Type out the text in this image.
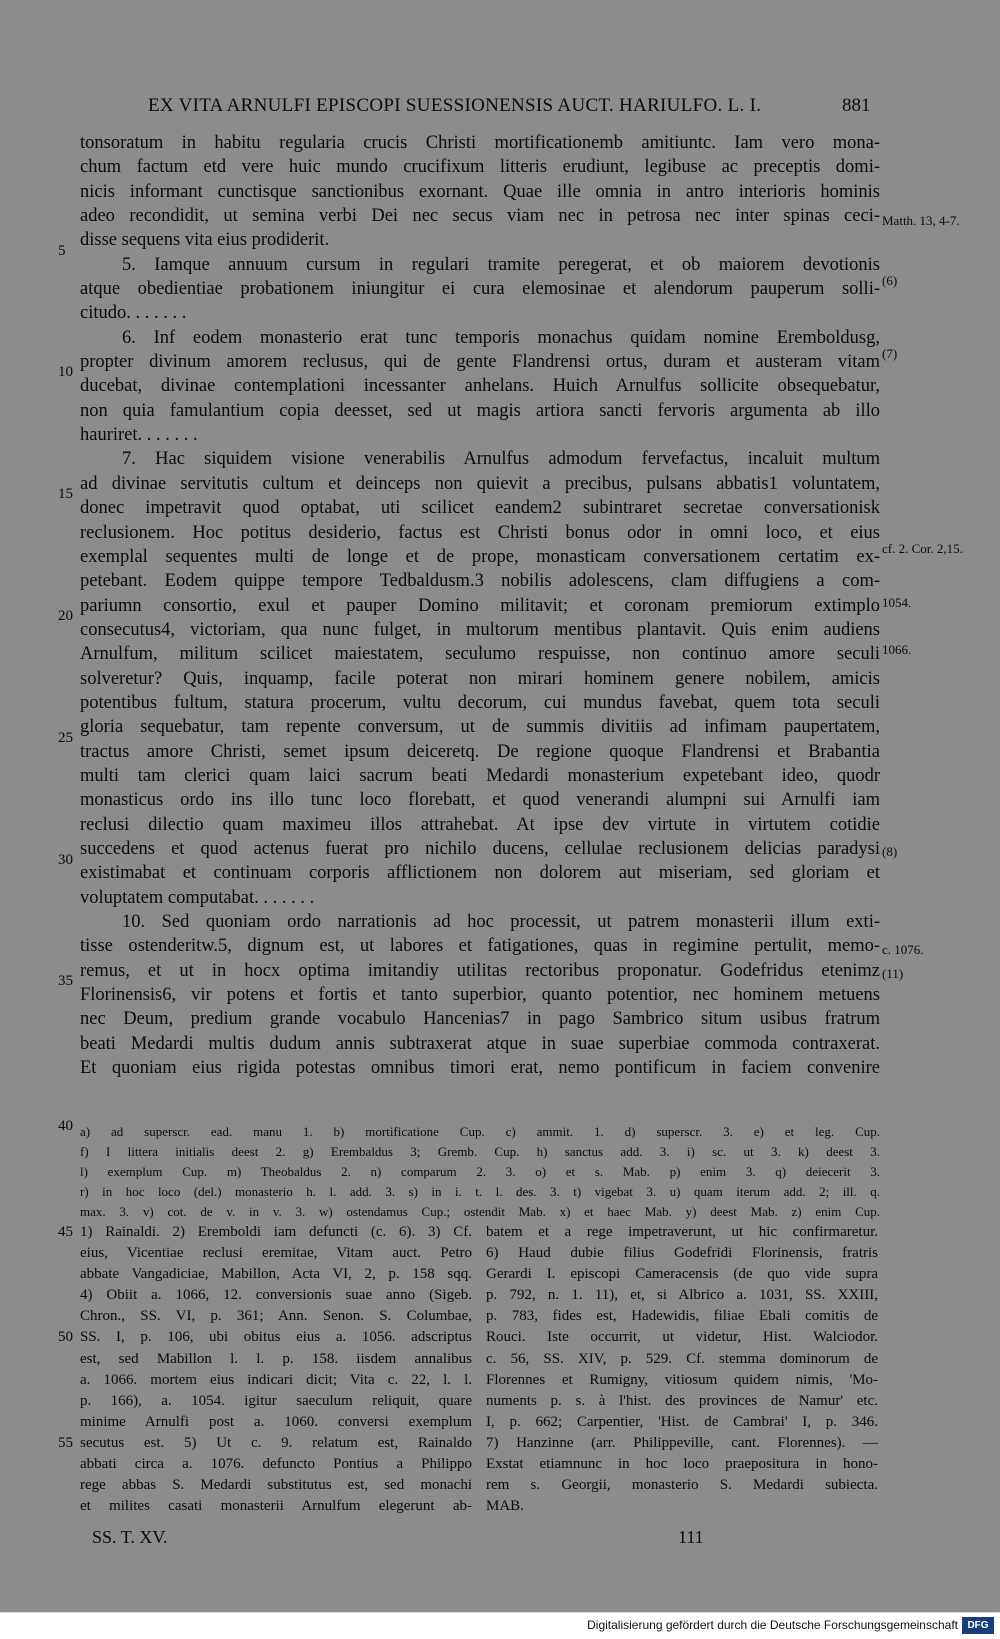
EX VITA ARNULFI EPISCOPI SUESSIONENSIS AUCT. HARIULFO. L. I.	881
tonsoratum in habitu regularia crucis Christi mortificationemb amitiuntc. Iam vero mona-
chum factum etd vere huic mundo crucifixum litteris erudiunt, legibuse ac preceptis domi-
nicis informant cunctisque sanctionibus exornant. Quae ille omnia in antro interioris hominis
adeo recondidit, ut semina verbi Dei nec secus viam nec in petrosa nec inter spinas ceci-
disse sequens vita eius prodiderit.
5. Iamque annuum cursum in regulari tramite peregerat, et ob maiorem devotionis
atque obedientiae probationem iniungitur ei cura elemosinae et alendorum pauperum solli-
citudo. . . . . . .
6. Inf eodem monasterio erat tunc temporis monachus quidam nomine Eremboldusg,
propter divinum amorem reclusus, qui de gente Flandrensi ortus, duram et austeram vitam
ducebat, divinae contemplationi incessanter anhelans. Huich Arnulfus sollicite obsequebatur,
non quia famulantium copia deesset, sed ut magis artiora sancti fervoris argumenta ab illo
hauriret. . . . . . .
7. Hac siquidem visione venerabilis Arnulfus admodum fervefactus, incaluit multum
ad divinae servitutis cultum et deinceps non quievit a precibus, pulsans abbatis1 voluntatem,
donec impetravit quod optabat, uti scilicet eandem2 subintraret secretae conversationisk
reclusionem. Hoc potitus desiderio, factus est Christi bonus odor in omni loco, et eius
exemplal sequentes multi de longe et de prope, monasticam conversationem certatim ex-
petebant. Eodem quippe tempore Tedbaldusm.3 nobilis adolescens, clam diffugiens a com-
pariumn consortio, exul et pauper Domino militavit; et coronam premiorum extimplo
consecutus4, victoriam, qua nunc fulget, in multorum mentibus plantavit. Quis enim audiens
Arnulfum, militum scilicet maiestatem, seculumo respuisse, non continuo amore seculi
solveretur? Quis, inquamp, facile poterat non mirari hominem genere nobilem, amicis
potentibus fultum, statura procerum, vultu decorum, cui mundus favebat, quem tota seculi
gloria sequebatur, tam repente conversum, ut de summis divitiis ad infimam paupertatem,
tractus amore Christi, semet ipsum deiceretq. De regione quoque Flandrensi et Brabantia
multi tam clerici quam laici sacrum beati Medardi monasterium expetebant ideo, quodr
monasticus ordo ins illo tunc loco florebatt, et quod venerandi alumpni sui Arnulfi iam
reclusi dilectio quam maximeu illos attrahebat. At ipse dev virtute in virtutem cotidie
succedens et quod actenus fuerat pro nichilo ducens, cellulae reclusionem delicias paradysi
existimabat et continuam corporis afflictionem non dolorem aut miseriam, sed gloriam et
voluptatem computabat. . . . . . .
10. Sed quoniam ordo narrationis ad hoc processit, ut patrem monasterii illum exti-
tisse ostenderitw.5, dignum est, ut labores et fatigationes, quas in regimine pertulit, memo-
remus, et ut in hocx optima imitandiy utilitas rectoribus proponatur. Godefridus etenimz
Florinensis6, vir potens et fortis et tanto superbior, quanto potentior, nec hominem metuens
nec Deum, predium grande vocabulo Hancenias7 in pago Sambrico situm usibus fratrum
beati Medardi multis dudum annis subtraxerat atque in suae superbiae commoda contraxerat.
Et quoniam eius rigida potestas omnibus timori erat, nemo pontificum in faciem convenire
5
10
15
20
25
30
35
40
45
50
55
Matth. 13, 4-7.
(6)
(7)
cf. 2. Cor. 2,15.
1054.
1066.
(8)
c. 1076.
(11)
a) ad superscr. ead. manu 1. b) mortificatione Cup. c) ammit. 1. d) superscr. 3. e) et leg. Cup.
f) I littera initialis deest 2. g) Erembaldus 3; Gremb. Cup. h) sanctus add. 3. i) sc. ut 3. k) deest 3.
l) exemplum Cup. m) Theobaldus 2. n) comparum 2. 3. o) et s. Mab. p) enim 3. q) deiecerit 3.
r) in hoc loco (del.) monasterio h. l. add. 3. s) in i. t. l. des. 3. t) vigebat 3. u) quam iterum add. 2; ill. q.
max. 3. v) cot. de v. in v. 3. w) ostendamus Cup.; ostendit Mab. x) et haec Mab. y) deest Mab. z) enim Cup.
1) Rainaldi. 2) Eremboldi iam defuncti (c. 6). 3) Cf.
eius, Vicentiae reclusi eremitae, Vitam auct. Petro
abbate Vangadiciae, Mabillon, Acta VI, 2, p. 158 sqq.
4) Obiit a. 1066, 12. conversionis suae anno (Sigeb.
Chron., SS. VI, p. 361; Ann. Senon. S. Columbae,
SS. I, p. 106, ubi obitus eius a. 1056. adscriptus
est, sed Mabillon l. l. p. 158. iisdem annalibus
a. 1066. mortem eius indicari dicit; Vita c. 22, l. l.
p. 166), a. 1054. igitur saeculum reliquit, quare
minime Arnulfi post a. 1060. conversi exemplum
secutus est. 5) Ut c. 9. relatum est, Rainaldo
abbati circa a. 1076. defuncto Pontius a Philippo
rege abbas S. Medardi substitutus est, sed monachi
et milites casati monasterii Arnulfum elegerunt ab-
batem et a rege impetraverunt, ut hic confirmaretur.
6) Haud dubie filius Godefridi Florinensis, fratris
Gerardi I. episcopi Cameracensis (de quo vide supra
p. 792, n. 1. 11), et, si Albrico a. 1031, SS. XXIII,
p. 783, fides est, Hadewidis, filiae Ebali comitis de
Rouci. Iste occurrit, ut videtur, Hist. Walciodor.
c. 56, SS. XIV, p. 529. Cf. stemma dominorum de
Florennes et Rumigny, vitiosum quidem nimis, 'Mo-
numents p. s. à l'hist. des provinces de Namur' etc.
I, p. 662; Carpentier, 'Hist. de Cambrai' I, p. 346.
7) Hanzinne (arr. Philippeville, cant. Florennes). —
Exstat etiamnunc in hoc loco praepositura in hono-
rem s. Georgii, monasterio S. Medardi subiecta.
MAB.
SS. T. XV.	111
Digitalisierung gefördert durch die Deutsche Forschungsgemeinschaft DFG
